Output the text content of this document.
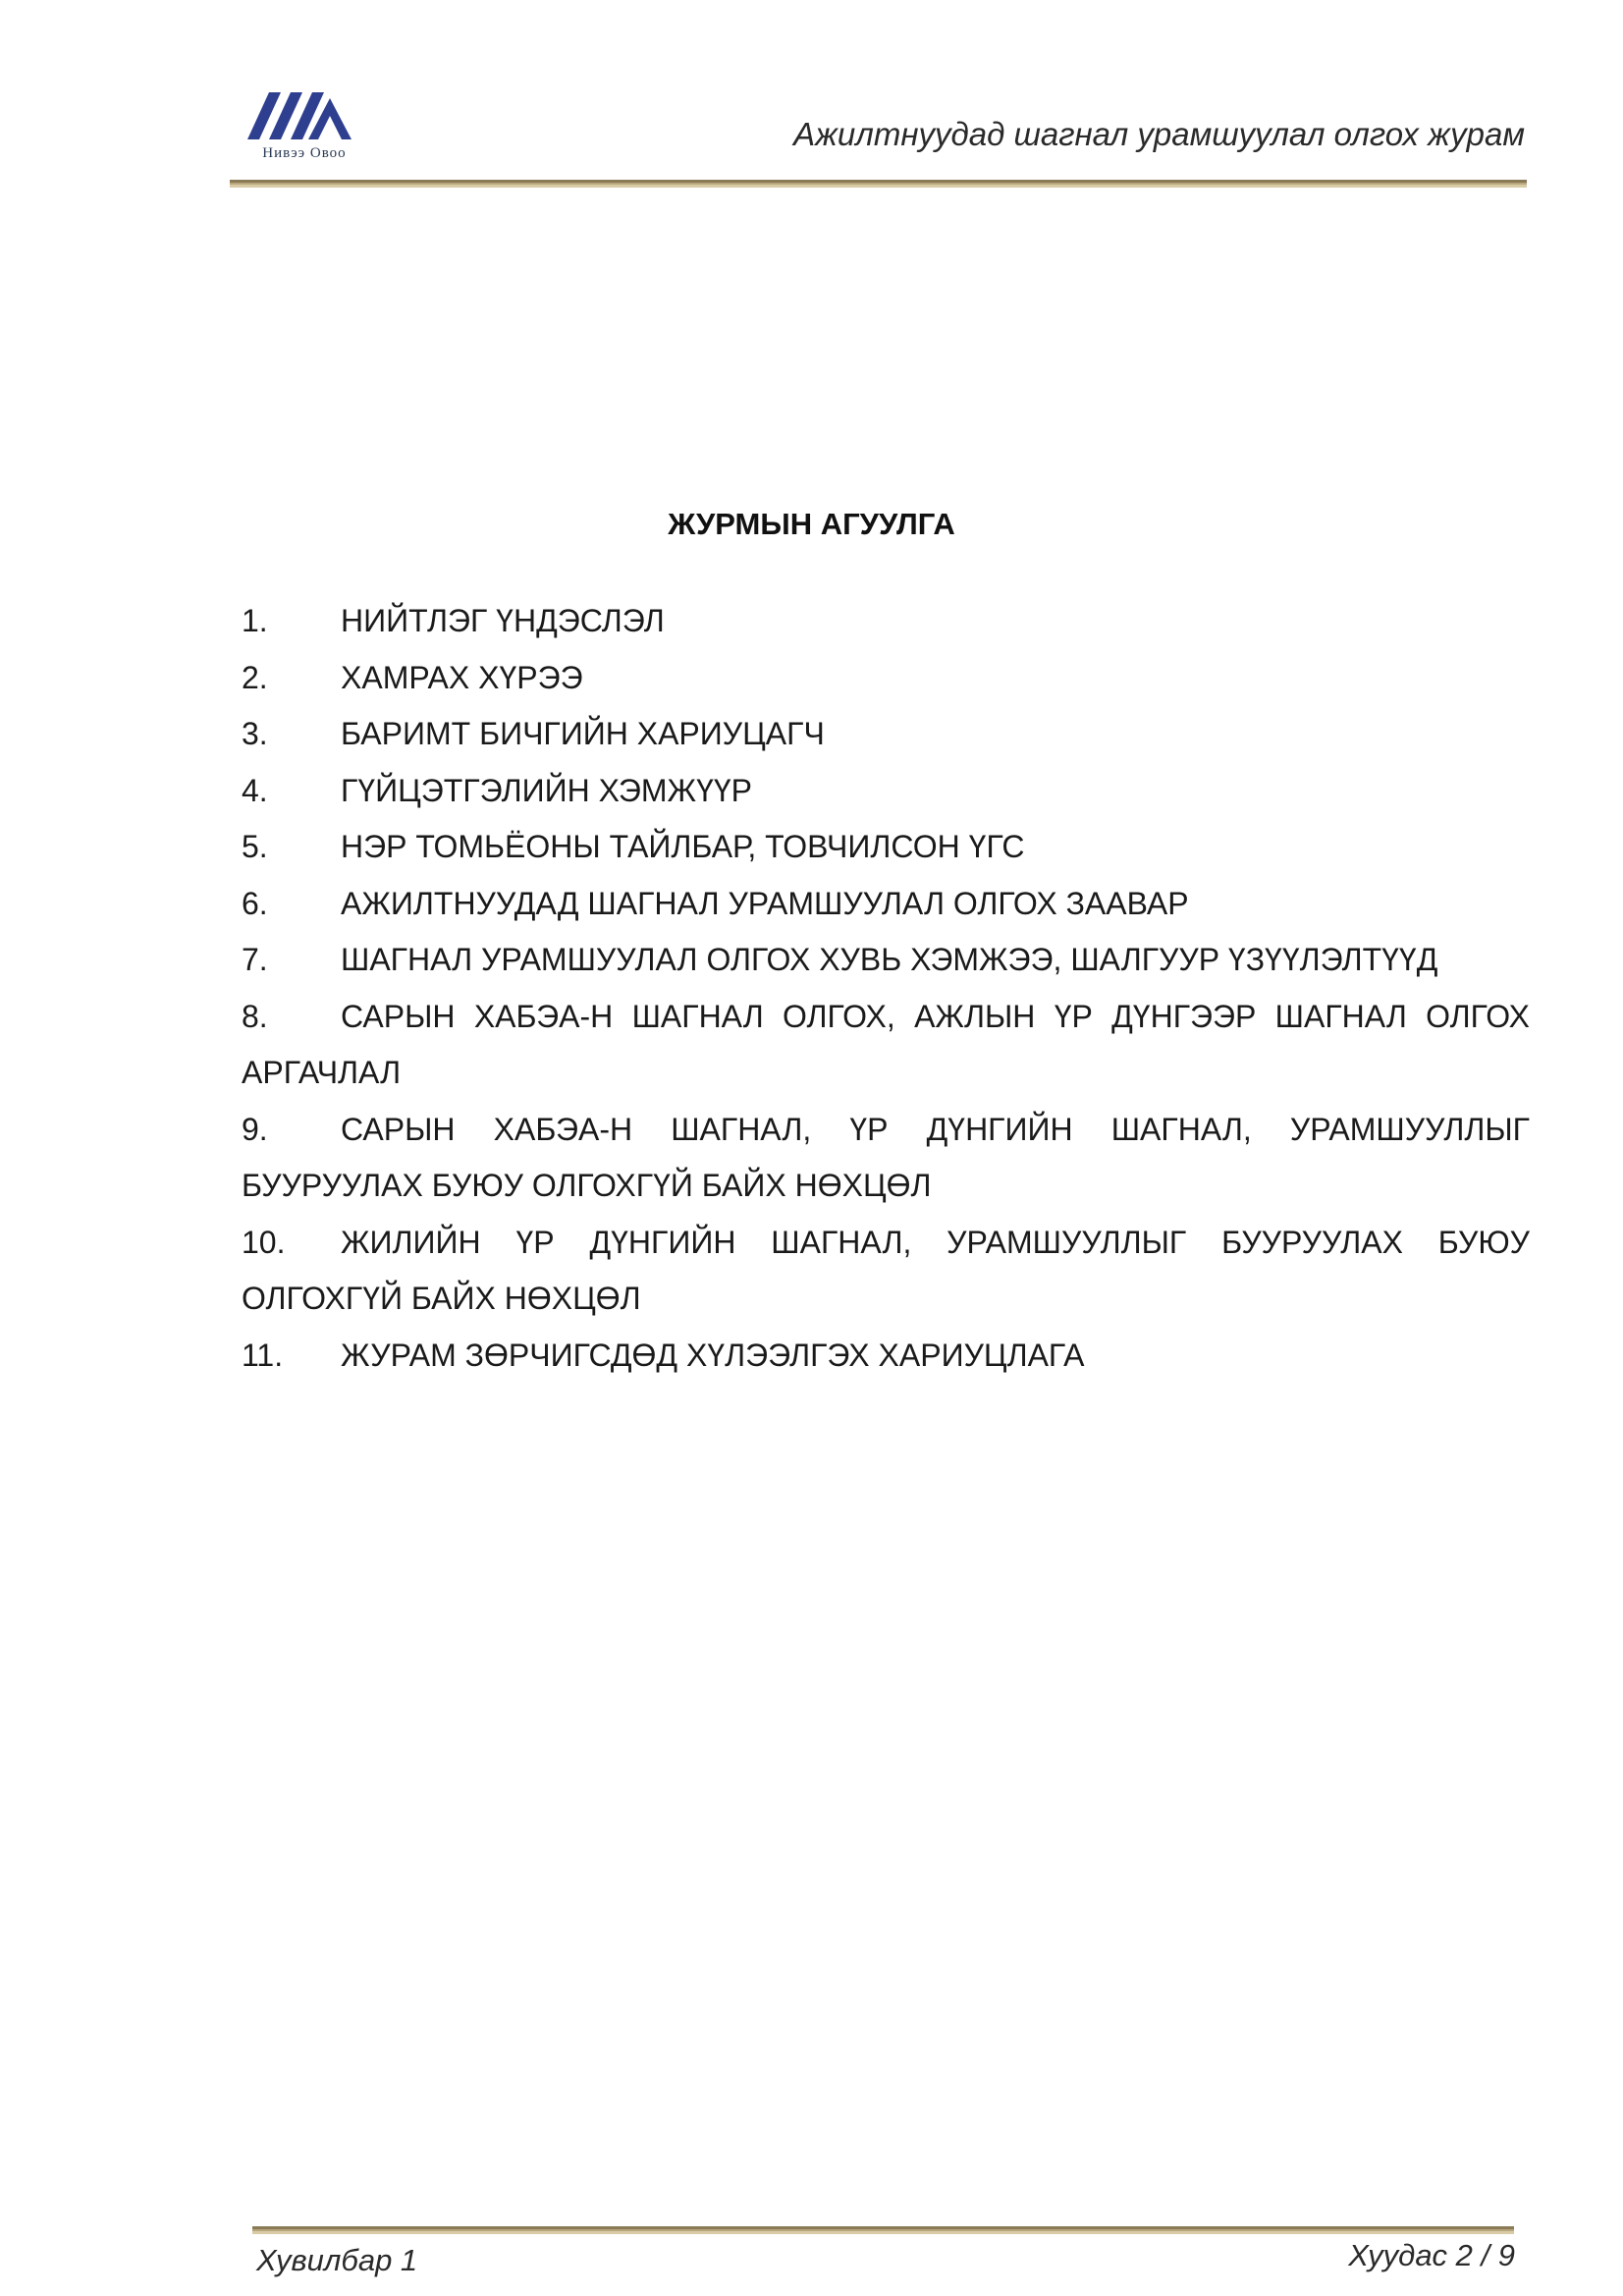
Нивээ Овоо
Ажилтнуудад шагнал урамшуулал олгох журам
ЖУРМЫН АГУУЛГА
1.	НИЙТЛЭГ ҮНДЭСЛЭЛ
2.	ХАМРАХ ХҮРЭЭ
3.	БАРИМТ БИЧГИЙН ХАРИУЦАГЧ
4.	ГҮЙЦЭТГЭЛИЙН ХЭМЖҮҮР
5.	НЭР ТОМЬЁОНЫ ТАЙЛБАР, ТОВЧИЛСОН ҮГС
6.	АЖИЛТНУУДАД ШАГНАЛ УРАМШУУЛАЛ ОЛГОХ ЗААВАР
7.	ШАГНАЛ УРАМШУУЛАЛ ОЛГОХ ХУВЬ ХЭМЖЭЭ, ШАЛГУУР ҮЗҮҮЛЭЛТҮҮД
8. САРЫН ХАБЭА-Н ШАГНАЛ ОЛГОХ, АЖЛЫН ҮР ДҮНГЭЭР ШАГНАЛ ОЛГОХ АРГАЧЛАЛ
9. САРЫН ХАБЭА-Н ШАГНАЛ, ҮР ДҮНГИЙН ШАГНАЛ, УРАМШУУЛЛЫГ БУУРУУЛАХ БУЮУ ОЛГОХГҮЙ БАЙХ НӨХЦӨЛ
10. ЖИЛИЙН ҮР ДҮНГИЙН ШАГНАЛ, УРАМШУУЛЛЫГ БУУРУУЛАХ БУЮУ ОЛГОХГҮЙ БАЙХ НӨХЦӨЛ
11.	ЖУРАМ ЗӨРЧИГСДӨД ХҮЛЭЭЛГЭХ ХАРИУЦЛАГА
Хувилбар 1	Хуудас 2 / 9
